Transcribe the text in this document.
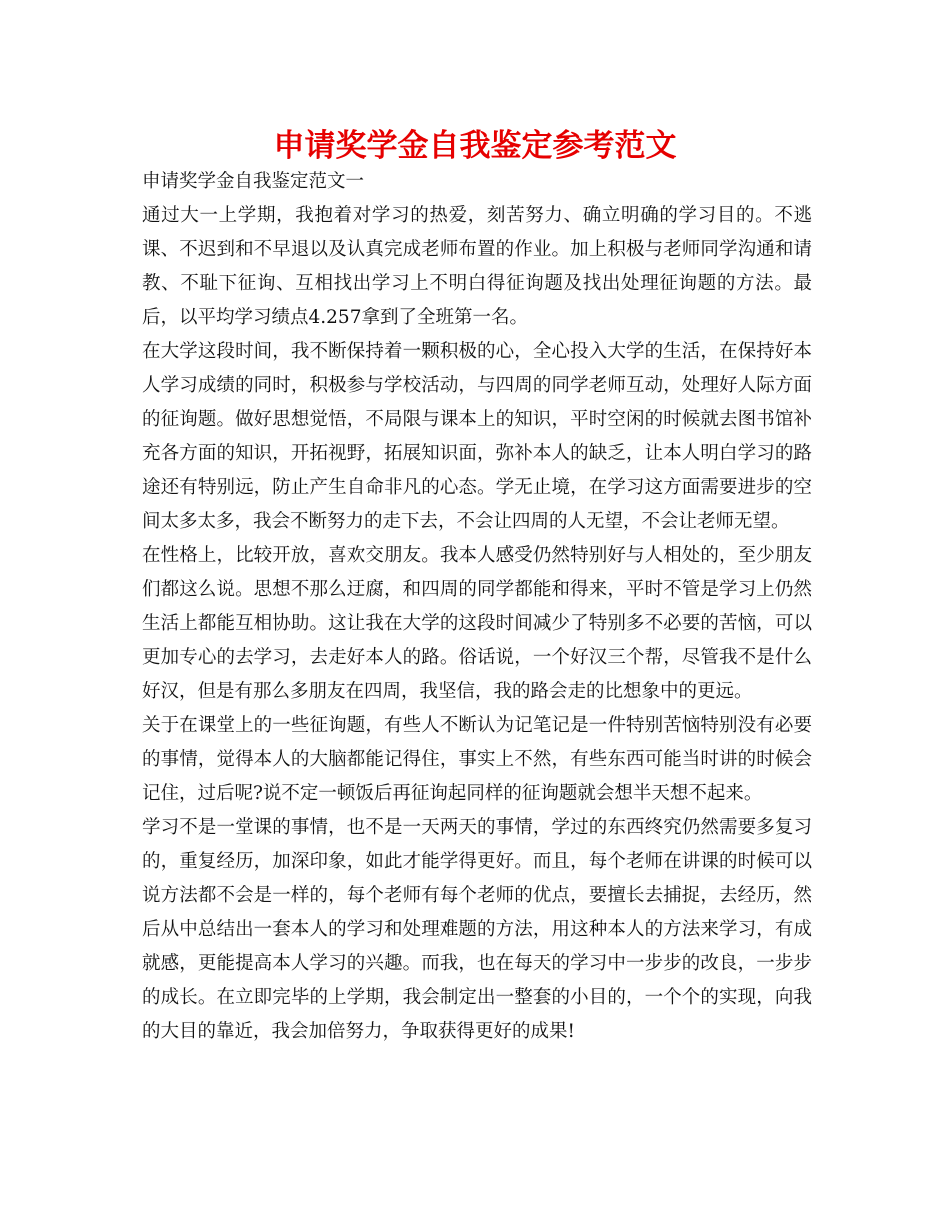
申请奖学金自我鉴定参考范文

申请奖学金自我鉴定范文一

通过大一上学期，我抱着对学习的热爱，刻苦努力、确立明确的学习目的。不逃课、不迟到和不早退以及认真完成老师布置的作业。加上积极与老师同学沟通和请教、不耻下征询、互相找出学习上不明白得征询题及找出处理征询题的方法。最后，以平均学习绩点4.257拿到了全班第一名。

在大学这段时间，我不断保持着一颗积极的心，全心投入大学的生活，在保持好本人学习成绩的同时，积极参与学校活动，与四周的同学老师互动，处理好人际方面的征询题。做好思想觉悟，不局限与课本上的知识，平时空闲的时候就去图书馆补充各方面的知识，开拓视野，拓展知识面，弥补本人的缺乏，让本人明白学习的路途还有特别远，防止产生自命非凡的心态。学无止境，在学习这方面需要进步的空间太多太多，我会不断努力的走下去，不会让四周的人无望，不会让老师无望。

在性格上，比较开放，喜欢交朋友。我本人感受仍然特别好与人相处的，至少朋友们都这么说。思想不那么迂腐，和四周的同学都能和得来，平时不管是学习上仍然生活上都能互相协助。这让我在大学的这段时间减少了特别多不必要的苦恼，可以更加专心的去学习，去走好本人的路。俗话说，一个好汉三个帮，尽管我不是什么好汉，但是有那么多朋友在四周，我坚信，我的路会走的比想象中的更远。

关于在课堂上的一些征询题，有些人不断认为记笔记是一件特别苦恼特别没有必要的事情，觉得本人的大脑都能记得住，事实上不然，有些东西可能当时讲的时候会记住，过后呢?说不定一顿饭后再征询起同样的征询题就会想半天想不起来。

学习不是一堂课的事情，也不是一天两天的事情，学过的东西终究仍然需要多复习的，重复经历，加深印象，如此才能学得更好。而且，每个老师在讲课的时候可以说方法都不会是一样的，每个老师有每个老师的优点，要擅长去捕捉，去经历，然后从中总结出一套本人的学习和处理难题的方法，用这种本人的方法来学习，有成就感，更能提高本人学习的兴趣。而我，也在每天的学习中一步步的改良，一步步的成长。在立即完毕的上学期，我会制定出一整套的小目的，一个个的实现，向我的大目的靠近，我会加倍努力，争取获得更好的成果!
